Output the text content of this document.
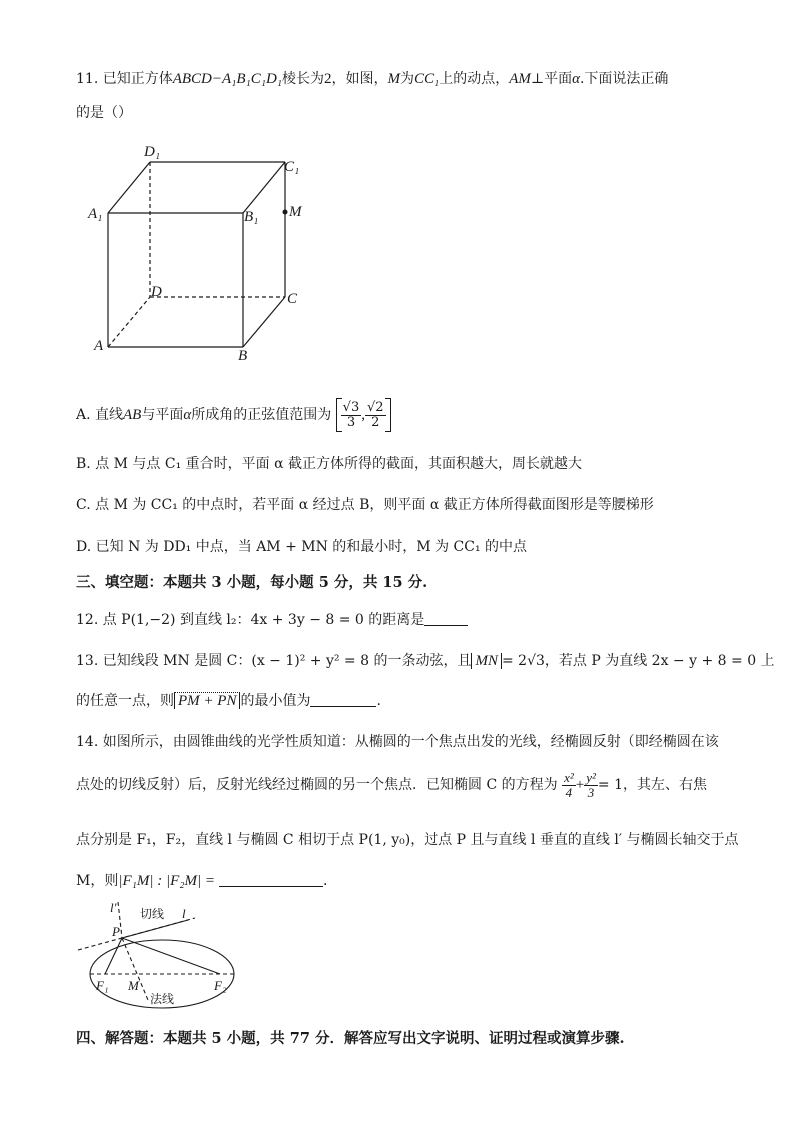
11. 已知正方体ABCD−A₁B₁C₁D₁棱长为2，如图，M为CC₁上的动点，AM⊥平面α.下面说法正确
的是（）
D₁
C₁
A₁	B₁ M
D	C
A
B
A. 直线AB与平面α所成角的正弦值范围为 $\frac{√3}{3}$ , $\frac{√2}{2}$
B. 点 M 与点 C₁ 重合时，平面 α 截正方体所得的截面，其面积越大，周长就越大
C. 点 M 为 CC₁ 的中点时，若平面 α 经过点 B，则平面 α 截正方体所得截面图形是等腰梯形
D. 已知 N 为 DD₁ 中点，当 AM + MN 的和最小时，M 为 CC₁ 的中点
三、填空题：本题共 3 小题，每小题 5 分，共 15 分.
12. 点 P(1,−2) 到直线 l₂：4x + 3y − 8 = 0 的距离是
13. 已知线段 MN 是圆 C：(x − 1)² + y² = 8 的一条动弦，且 MN = 2√3，若点 P 为直线 2x − y + 8 = 0 上
的任意一点，则 PM + PN 的最小值为	.
14. 如图所示，由圆锥曲线的光学性质知道：从椭圆的一个焦点出发的光线，经椭圆反射（即经椭圆在该
点处的切线反射）后，反射光线经过椭圆的另一个焦点．已知椭圆 C 的方程为 $\frac{\text{x²}}{4} + \frac{\text{y²}}{3} = 1$，其左、右焦
点分别是 F₁，F₂，直线 l 与椭圆 C 相切于点 P(1, y₀)，过点 P 且与直线 l 垂直的直线 l′ 与椭圆长轴交于点
M，则|F₁M| : |F₂M| =	.
l′ 切线 l
P
F₁ M	F₂
法线
四、解答题：本题共 5 小题，共 77 分．解答应写出文字说明、证明过程或演算步骤.
